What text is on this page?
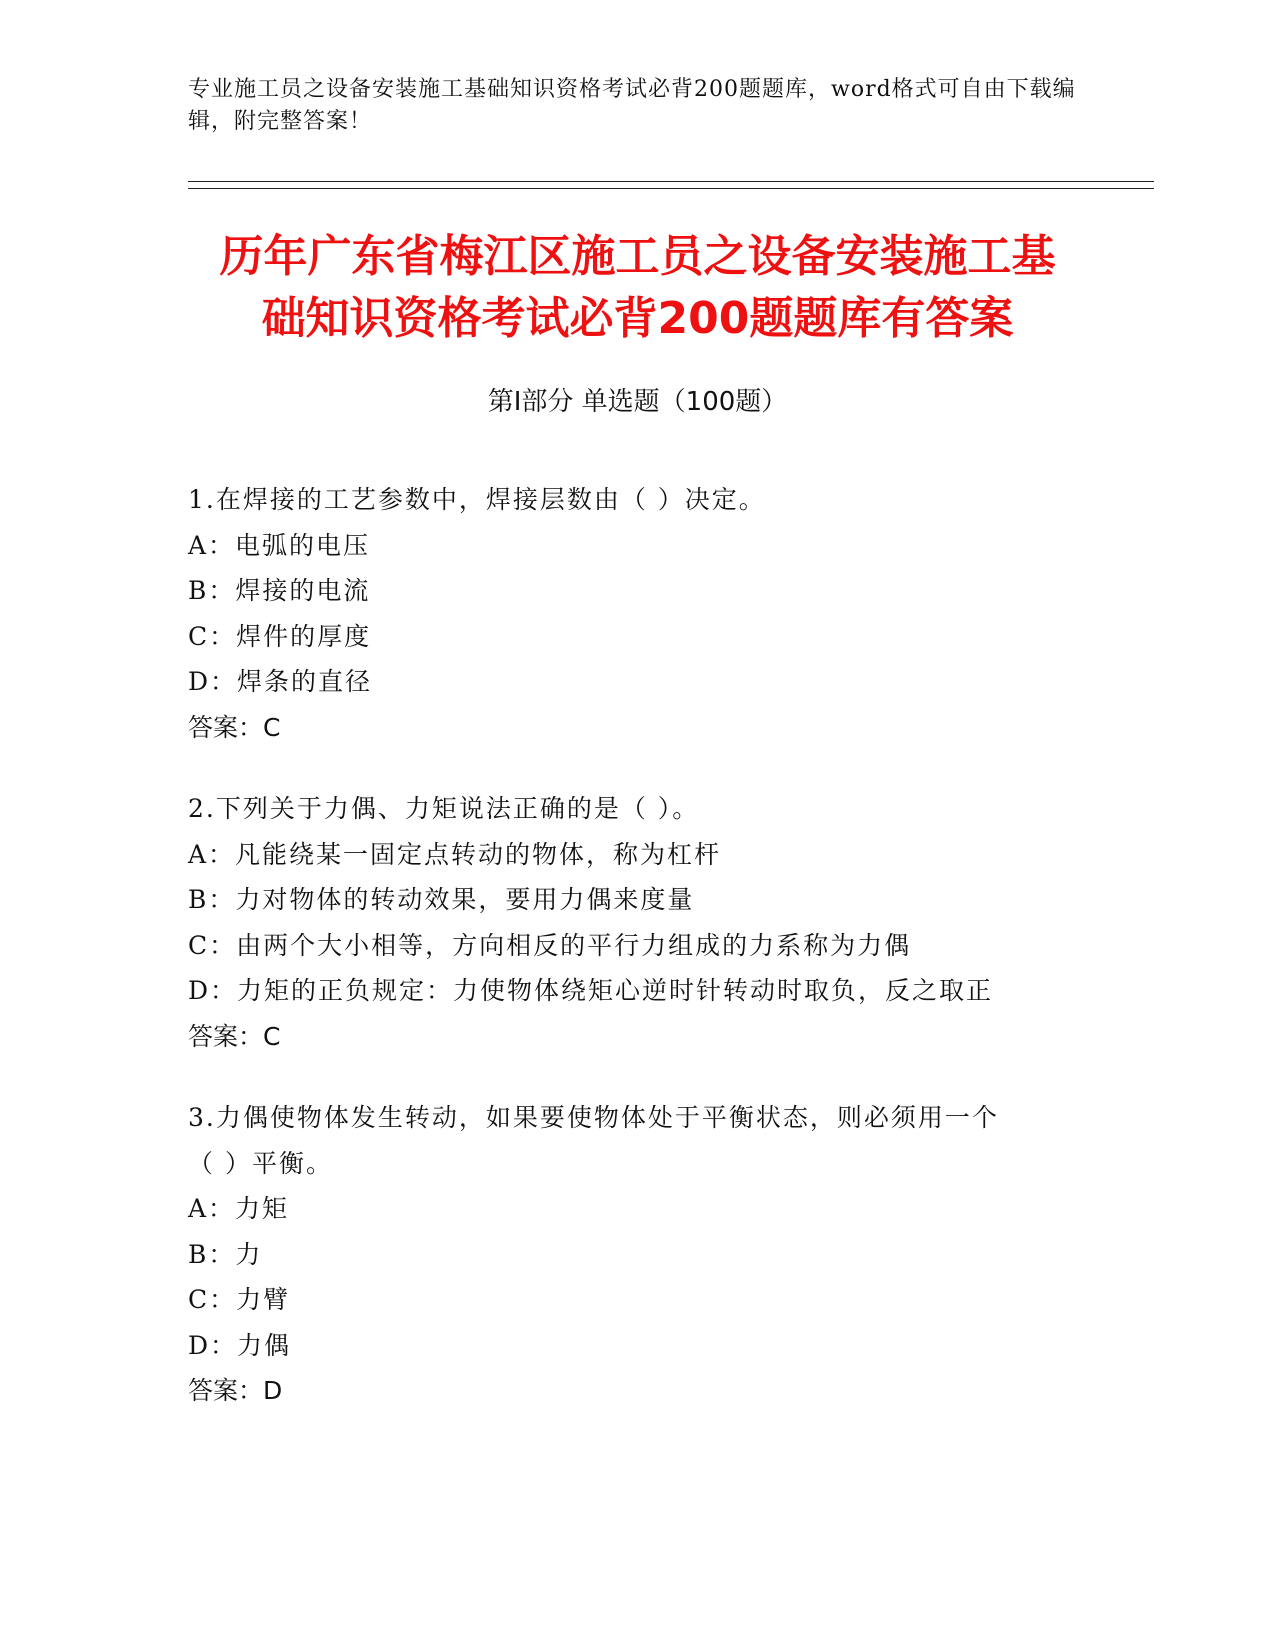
专业施工员之设备安装施工基础知识资格考试必背200题题库，word格式可自由下载编辑，附完整答案！
历年广东省梅江区施工员之设备安装施工基
础知识资格考试必背200题题库有答案
第Ⅰ部分 单选题（100题）
1.在焊接的工艺参数中，焊接层数由（ ）决定。
A：电弧的电压
B：焊接的电流
C：焊件的厚度
D：焊条的直径
答案：C
2.下列关于力偶、力矩说法正确的是（ ）。
A：凡能绕某一固定点转动的物体，称为杠杆
B：力对物体的转动效果，要用力偶来度量
C：由两个大小相等，方向相反的平行力组成的力系称为力偶
D：力矩的正负规定：力使物体绕矩心逆时针转动时取负，反之取正
答案：C
3.力偶使物体发生转动，如果要使物体处于平衡状态，则必须用一个
（ ）平衡。
A：力矩
B：力
C：力臂
D：力偶
答案：D
